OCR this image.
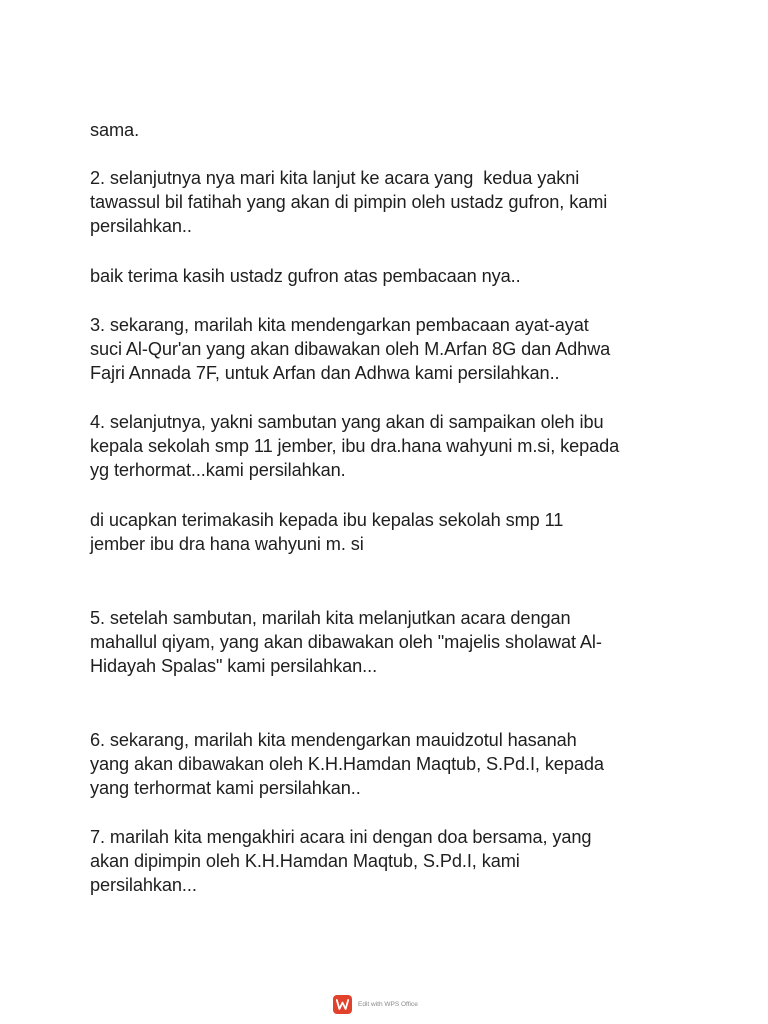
sama.

2. selanjutnya nya mari kita lanjut ke acara yang  kedua yakni
tawassul bil fatihah yang akan di pimpin oleh ustadz gufron, kami
persilahkan..

baik terima kasih ustadz gufron atas pembacaan nya..

3. sekarang, marilah kita mendengarkan pembacaan ayat-ayat
suci Al-Qur'an yang akan dibawakan oleh M.Arfan 8G dan Adhwa
Fajri Annada 7F, untuk Arfan dan Adhwa kami persilahkan..

4. selanjutnya, yakni sambutan yang akan di sampaikan oleh ibu
kepala sekolah smp 11 jember, ibu dra.hana wahyuni m.si, kepada
yg terhormat...kami persilahkan.

di ucapkan terimakasih kepada ibu kepalas sekolah smp 11
jember ibu dra hana wahyuni m. si

5. setelah sambutan, marilah kita melanjutkan acara dengan
mahallul qiyam, yang akan dibawakan oleh "majelis sholawat Al-
Hidayah Spalas" kami persilahkan...

6. sekarang, marilah kita mendengarkan mauidzotul hasanah
yang akan dibawakan oleh K.H.Hamdan Maqtub, S.Pd.I, kepada
yang terhormat kami persilahkan..

7. marilah kita mengakhiri acara ini dengan doa bersama, yang
akan dipimpin oleh K.H.Hamdan Maqtub, S.Pd.I, kami
persilahkan...

Edit with WPS Office
